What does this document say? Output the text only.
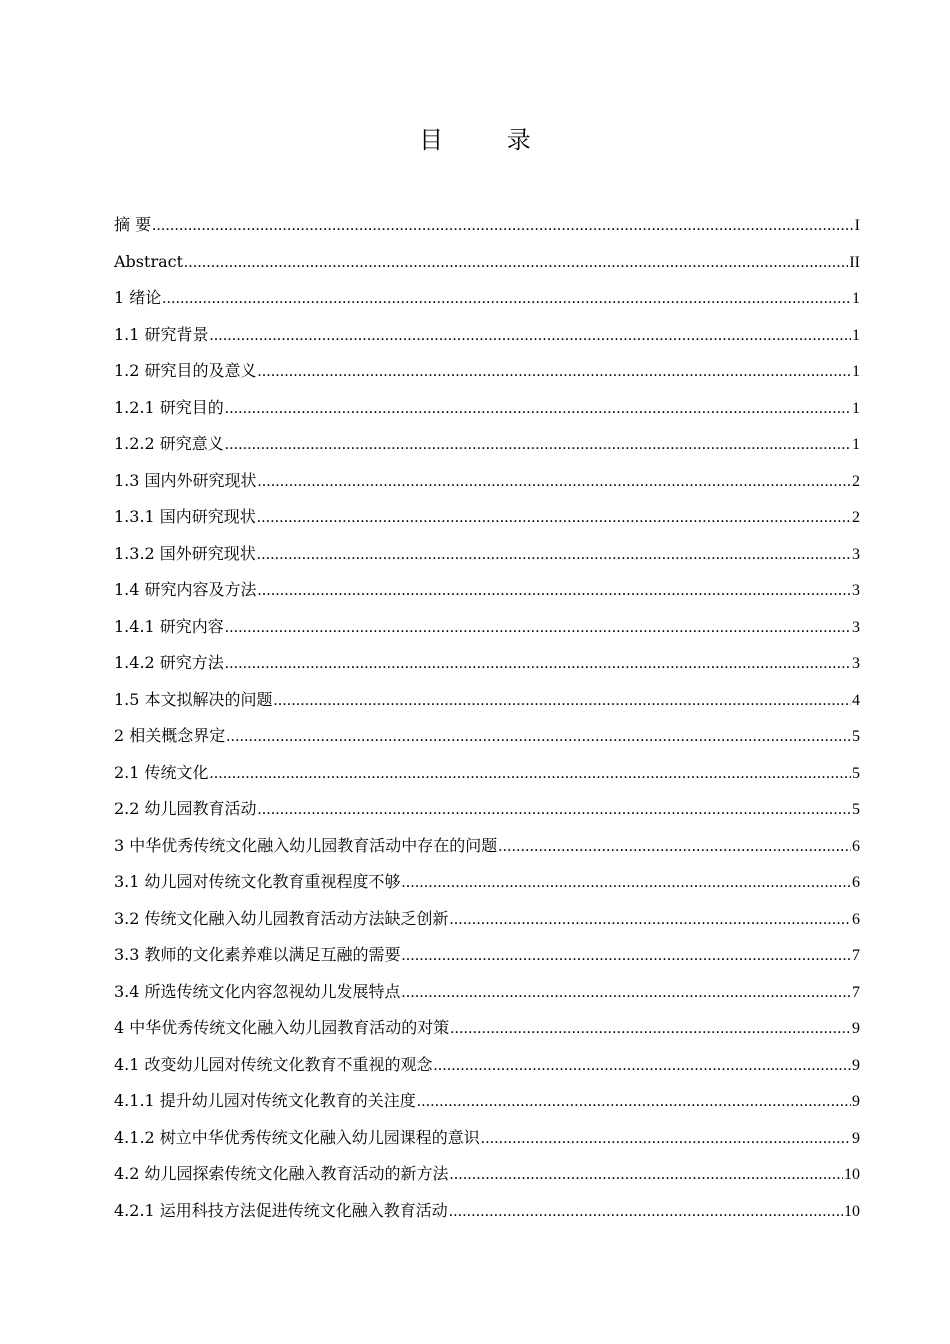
目 录
摘 要 .....	I
Abstract .....	II
1 绪论 .....	1
1.1 研究背景 .....	1
1.2 研究目的及意义 .....	1
1.2.1 研究目的 .....	1
1.2.2 研究意义 .....	1
1.3 国内外研究现状 .....	2
1.3.1 国内研究现状 .....	2
1.3.2 国外研究现状 .....	3
1.4 研究内容及方法 .....	3
1.4.1 研究内容 .....	3
1.4.2 研究方法 .....	3
1.5 本文拟解决的问题 .....	4
2 相关概念界定 .....	5
2.1 传统文化 .....	5
2.2 幼儿园教育活动 .....	5
3 中华优秀传统文化融入幼儿园教育活动中存在的问题 .....	6
3.1 幼儿园对传统文化教育重视程度不够 .....	6
3.2 传统文化融入幼儿园教育活动方法缺乏创新 .....	6
3.3 教师的文化素养难以满足互融的需要 .....	7
3.4 所选传统文化内容忽视幼儿发展特点 .....	7
4 中华优秀传统文化融入幼儿园教育活动的对策 .....	9
4.1 改变幼儿园对传统文化教育不重视的观念 .....	9
4.1.1 提升幼儿园对传统文化教育的关注度 .....	9
4.1.2 树立中华优秀传统文化融入幼儿园课程的意识 .....	9
4.2 幼儿园探索传统文化融入教育活动的新方法 .....	10
4.2.1 运用科技方法促进传统文化融入教育活动 .....	10
